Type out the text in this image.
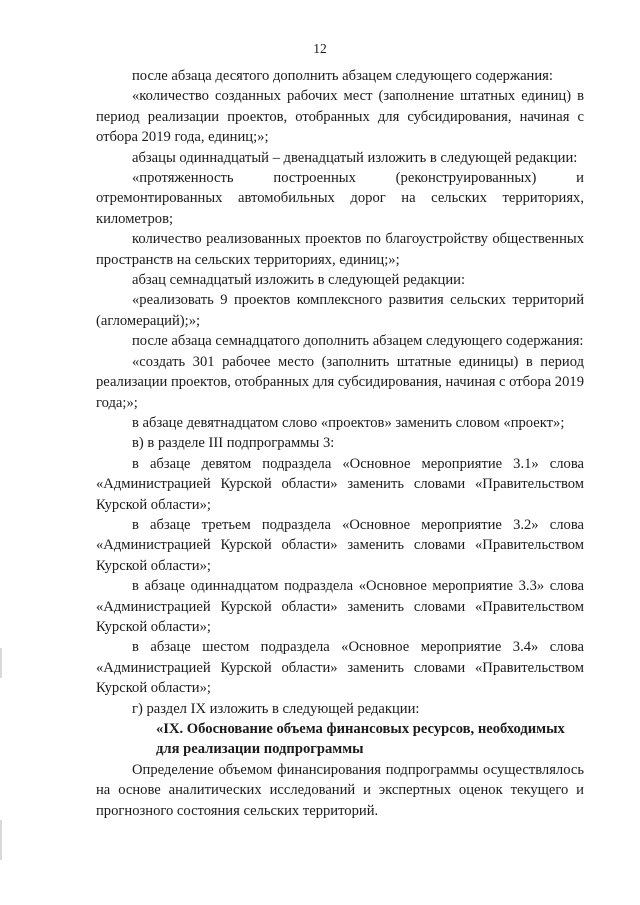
12

после абзаца десятого дополнить абзацем следующего содержания:

«количество созданных рабочих мест (заполнение штатных единиц) в период реализации проектов, отобранных для субсидирования, начиная с отбора 2019 года, единиц;»;

абзацы одиннадцатый – двенадцатый изложить в следующей редакции:

«протяженность построенных (реконструированных) и отремонтированных автомобильных дорог на сельских территориях, километров;

количество реализованных проектов по благоустройству общественных пространств на сельских территориях, единиц;»;

абзац семнадцатый изложить в следующей редакции:

«реализовать 9 проектов комплексного развития сельских территорий (агломераций);»;

после абзаца семнадцатого дополнить абзацем следующего содержания:

«создать 301 рабочее место (заполнить штатные единицы) в период реализации проектов, отобранных для субсидирования, начиная с отбора 2019 года;»;

в абзаце девятнадцатом слово «проектов» заменить словом «проект»;

в) в разделе III подпрограммы 3:

в абзаце девятом подраздела «Основное мероприятие 3.1» слова «Администрацией Курской области» заменить словами «Правительством Курской области»;

в абзаце третьем подраздела «Основное мероприятие 3.2» слова «Администрацией Курской области» заменить словами «Правительством Курской области»;

в абзаце одиннадцатом подраздела «Основное мероприятие 3.3» слова «Администрацией Курской области» заменить словами «Правительством Курской области»;

в абзаце шестом подраздела «Основное мероприятие 3.4» слова «Администрацией Курской области» заменить словами «Правительством Курской области»;

г) раздел IX изложить в следующей редакции:

«IX. Обоснование объема финансовых ресурсов, необходимых

для реализации подпрограммы

Определение объемом финансирования подпрограммы осуществлялось на основе аналитических исследований и экспертных оценок текущего и прогнозного состояния сельских территорий.
